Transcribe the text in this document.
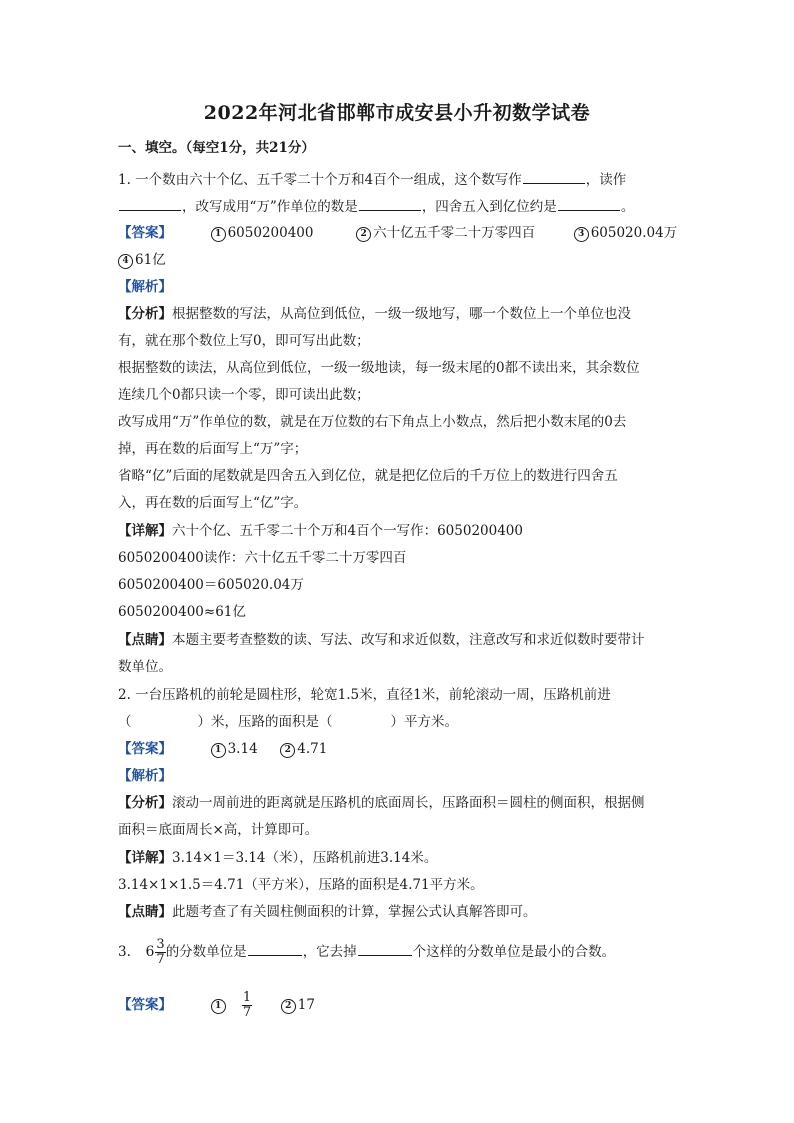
2022年河北省邯郸市成安县小升初数学试卷
一、填空。（每空1分，共21分）
1. 一个数由六十个亿、五千零二十个万和4百个一组成，这个数写作	，读作
，改写成用“万”作单位的数是	，四舍五入到亿位约是	。
【答案】	1 6050200400	2 六十亿五千零二十万零四百	3 605020.04万
4 61亿
【解析】
【分析】根据整数的写法，从高位到低位，一级一级地写，哪一个数位上一个单位也没
有，就在那个数位上写0，即可写出此数；
根据整数的读法，从高位到低位，一级一级地读，每一级末尾的0都不读出来，其余数位
连续几个0都只读一个零，即可读出此数；
改写成用“万”作单位的数，就是在万位数的右下角点上小数点，然后把小数末尾的0去
掉，再在数的后面写上“万”字；
省略“亿”后面的尾数就是四舍五入到亿位，就是把亿位后的千万位上的数进行四舍五
入，再在数的后面写上“亿”字。
【详解】六十个亿、五千零二十个万和4百个一写作：6050200400
6050200400读作：六十亿五千零二十万零四百
6050200400＝605020.04万
6050200400≈61亿
【点睛】本题主要考查整数的读、写法、改写和求近似数，注意改写和求近似数时要带计
数单位。
2. 一台压路机的前轮是圆柱形，轮宽1.5米，直径1米，前轮滚动一周，压路机前进
（	）米，压路的面积是（	）平方米。
【答案】	1 3.14	2 4.71
【解析】
【分析】滚动一周前进的距离就是压路机的底面周长，压路面积＝圆柱的侧面积，根据侧
面积＝底面周长×高，计算即可。
【详解】3.14×1＝3.14（米），压路机前进3.14米。
3.14×1×1.5＝4.71（平方米），压路的面积是4.71平方米。
【点睛】此题考查了有关圆柱侧面积的计算，掌握公式认真解答即可。
3. $6 \frac{3}{7}$ 的分数单位是	，它去掉	个这样的分数单位是最小的合数。
【答案】	$1 \frac{1}{7}$	2 17
